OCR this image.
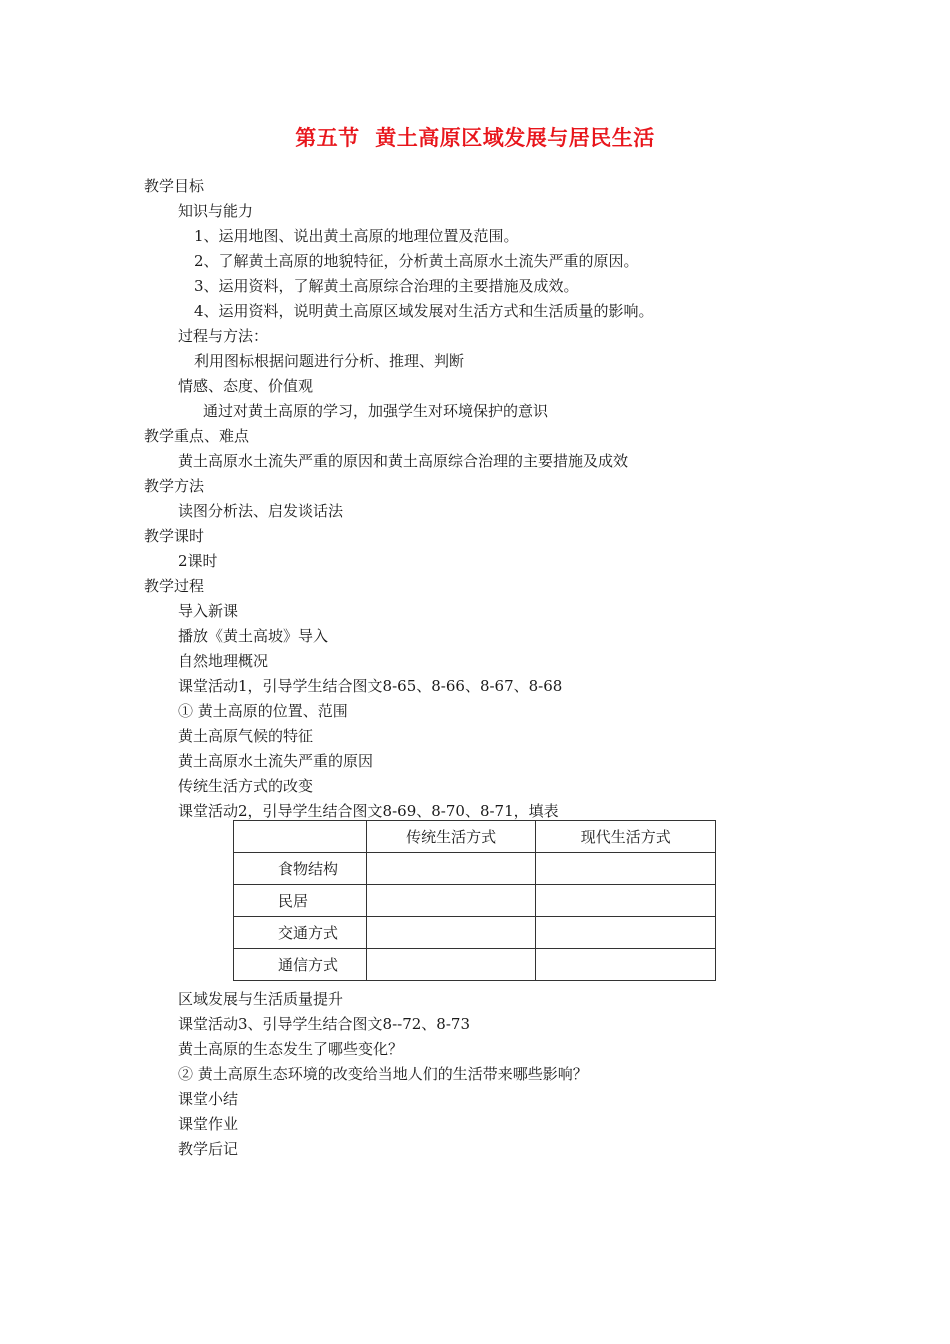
第五节  黄土高原区域发展与居民生活
教学目标
知识与能力
1、运用地图、说出黄土高原的地理位置及范围。
2、了解黄土高原的地貌特征，分析黄土高原水土流失严重的原因。
3、运用资料，了解黄土高原综合治理的主要措施及成效。
4、运用资料，说明黄土高原区域发展对生活方式和生活质量的影响。
过程与方法：
利用图标根据问题进行分析、推理、判断
情感、态度、价值观
通过对黄土高原的学习，加强学生对环境保护的意识
教学重点、难点
黄土高原水土流失严重的原因和黄土高原综合治理的主要措施及成效
教学方法
读图分析法、启发谈话法
教学课时
2课时
教学过程
导入新课
播放《黄土高坡》导入
自然地理概况
课堂活动1，引导学生结合图文8-65、8-66、8-67、8-68
① 黄土高原的位置、范围
黄土高原气候的特征
黄土高原水土流失严重的原因
传统生活方式的改变
课堂活动2，引导学生结合图文8-69、8-70、8-71，填表
	传统生活方式	现代生活方式
食物结构		
民居		
交通方式		
通信方式		
区域发展与生活质量提升
课堂活动3、引导学生结合图文8--72、8-73
黄土高原的生态发生了哪些变化？
② 黄土高原生态环境的改变给当地人们的生活带来哪些影响？
课堂小结
课堂作业
教学后记
